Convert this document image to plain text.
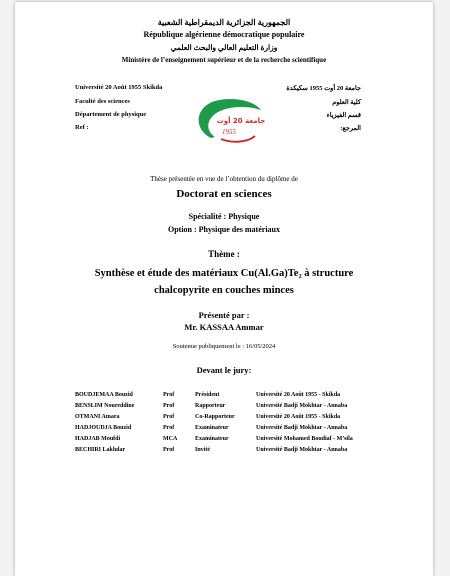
الجمهورية الجزائرية الديمقراطية الشعبية
République algérienne démocratique populaire
وزارة التعليم العالي والبحث العلمي
Ministère de l’enseignement supérieur et de la recherche scientifique
Université 20 Août 1955 Skikda
Faculté des sciences
Département de physique
Ref :
جامعة 20 أوت 1955 سكيكدة
كلية العلوم
قسم الفيزياء
المرجع:
جامعة 20 أوت
1955
Thèse présentée en vue de l’obtention du diplôme de
Doctorat en sciences
Spécialité : Physique
Option : Physique des matériaux
Thème :
Synthèse et étude des matériaux Cu(Al.Ga)Te₂ à structure
chalcopyrite en couches minces
Présenté par :
Mr. KASSAA Ammar
Soutenue publiquement le : 16/05/2024
Devant le jury:
BOUDJEMAA Bouzid	Prof	Président	Université 20 Août 1955 - Skikda
BENSLIM Noureddine	Prof	Rapporteur	Université Badji Mokhtar - Annaba
OTMANI Amara	Prof	Co-Rapporteur	Université 20 Août 1955 - Skikda
HADJOUDJA Bouzid	Prof	Examinateur	Université Badji Mokhtar - Annaba
HADJAB Moufdi	MCA	Examinateur	Université Mohamed Boudiaf - M’sila
BECHIRI Lakhdar	Prof	Invité	Université Badji Mokhtar - Annaba
